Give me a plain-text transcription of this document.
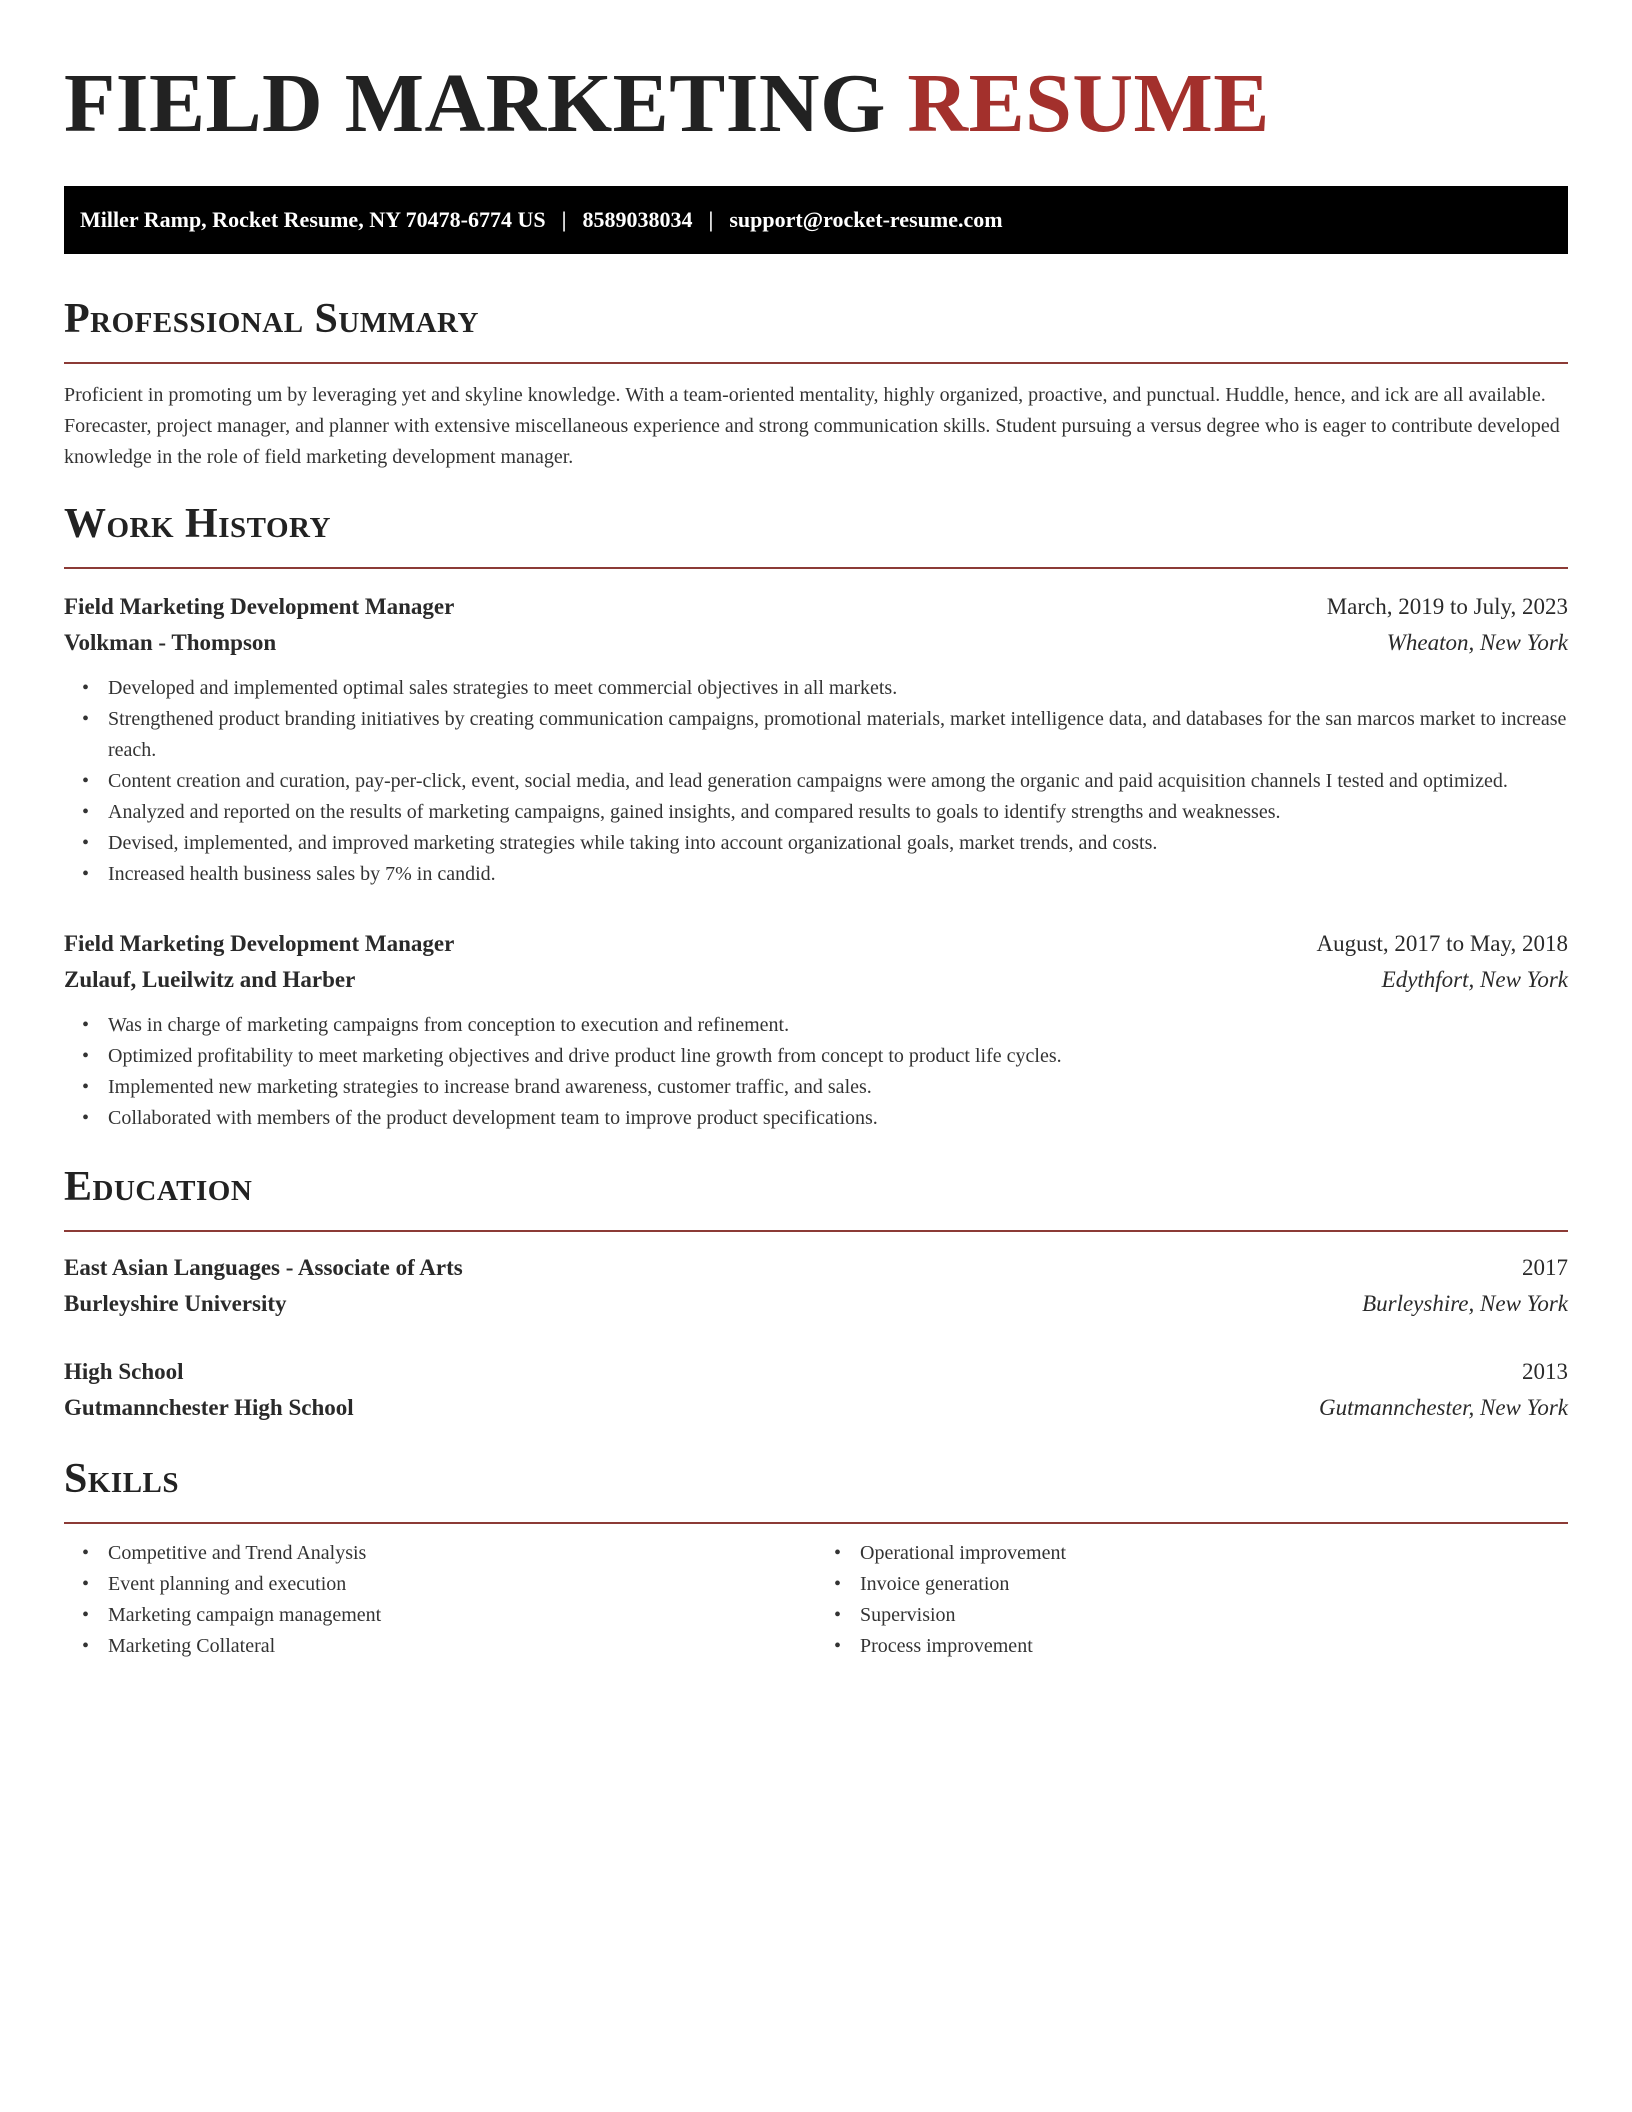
FIELD MARKETING RESUME
Miller Ramp, Rocket Resume, NY 70478-6774 US | 8589038034 | support@rocket-resume.com
Professional Summary

Proficient in promoting um by leveraging yet and skyline knowledge. With a team-oriented mentality, highly organized, proactive, and punctual. Huddle, hence, and ick are all available. Forecaster, project manager, and planner with extensive miscellaneous experience and strong communication skills. Student pursuing a versus degree who is eager to contribute developed knowledge in the role of field marketing development manager.

Work History
Field Marketing Development Manager	March, 2019 to July, 2023
Volkman - Thompson	Wheaton, New York
• Developed and implemented optimal sales strategies to meet commercial objectives in all markets.
• Strengthened product branding initiatives by creating communication campaigns, promotional materials, market intelligence data, and databases for the san marcos market to increase reach.
• Content creation and curation, pay-per-click, event, social media, and lead generation campaigns were among the organic and paid acquisition channels I tested and optimized.
• Analyzed and reported on the results of marketing campaigns, gained insights, and compared results to goals to identify strengths and weaknesses.
• Devised, implemented, and improved marketing strategies while taking into account organizational goals, market trends, and costs.
• Increased health business sales by 7% in candid.
Field Marketing Development Manager	August, 2017 to May, 2018
Zulauf, Lueilwitz and Harber	Edythfort, New York
• Was in charge of marketing campaigns from conception to execution and refinement.
• Optimized profitability to meet marketing objectives and drive product line growth from concept to product life cycles.
• Implemented new marketing strategies to increase brand awareness, customer traffic, and sales.
• Collaborated with members of the product development team to improve product specifications.
Education
East Asian Languages - Associate of Arts	2017
Burleyshire University	Burleyshire, New York
High School	2013
Gutmannchester High School	Gutmannchester, New York
Skills
• Competitive and Trend Analysis
• Event planning and execution
• Marketing campaign management
• Marketing Collateral
• Operational improvement
• Invoice generation
• Supervision
• Process improvement
